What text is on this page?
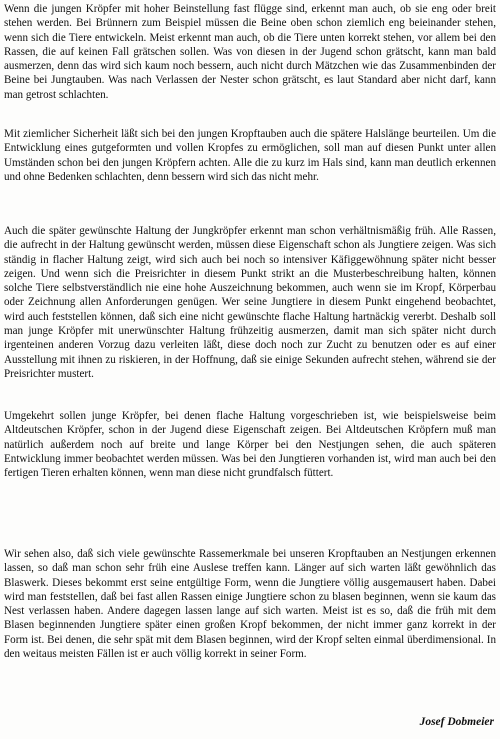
Wenn die jungen Kröpfer mit hoher Beinstellung fast flügge sind, erkennt man auch, ob sie eng oder breit stehen werden. Bei Brünnern zum Beispiel müssen die Beine oben schon ziemlich eng beieinander stehen, wenn sich die Tiere entwickeln. Meist erkennt man auch, ob die Tiere unten korrekt stehen, vor allem bei den Rassen, die auf keinen Fall grätschen sollen. Was von diesen in der Jugend schon grätscht, kann man bald ausmerzen, denn das wird sich kaum noch bessern, auch nicht durch Mätzchen wie das Zusammenbinden der Beine bei Jungtauben. Was nach Verlassen der Nester schon grätscht, es laut Standard aber nicht darf, kann man getrost schlachten.

Mit ziemlicher Sicherheit läßt sich bei den jungen Kropftauben auch die spätere Halslänge beurteilen. Um die Entwicklung eines gutgeformten und vollen Kropfes zu ermöglichen, soll man auf diesen Punkt unter allen Umständen schon bei den jungen Kröpfern achten. Alle die zu kurz im Hals sind, kann man deutlich erkennen und ohne Bedenken schlachten, denn bessern wird sich das nicht mehr.

Auch die später gewünschte Haltung der Jungkröpfer erkennt man schon verhältnismäßig früh. Alle Rassen, die aufrecht in der Haltung gewünscht werden, müssen diese Eigenschaft schon als Jungtiere zeigen. Was sich ständig in flacher Haltung zeigt, wird sich auch bei noch so intensiver Käfiggewöhnung später nicht besser zeigen. Und wenn sich die Preisrichter in diesem Punkt strikt an die Musterbeschreibung halten, können solche Tiere selbstverständlich nie eine hohe Auszeichnung bekommen, auch wenn sie im Kropf, Körperbau oder Zeichnung allen Anforderungen genügen. Wer seine Jungtiere in diesem Punkt eingehend beobachtet, wird auch feststellen können, daß sich eine nicht gewünschte flache Haltung hartnäckig vererbt. Deshalb soll man junge Kröpfer mit unerwünschter Haltung frühzeitig ausmerzen, damit man sich später nicht durch irgenteinen anderen Vorzug dazu verleiten läßt, diese doch noch zur Zucht zu benutzen oder es auf einer Ausstellung mit ihnen zu riskieren, in der Hoffnung, daß sie einige Sekunden aufrecht stehen, während sie der Preisrichter mustert.

Umgekehrt sollen junge Kröpfer, bei denen flache Haltung vorgeschrieben ist, wie beispielsweise beim Altdeutschen Kröpfer, schon in der Jugend diese Eigenschaft zeigen. Bei Altdeutschen Kröpfern muß man natürlich außerdem noch auf breite und lange Körper bei den Nestjungen sehen, die auch späteren Entwicklung immer beobachtet werden müssen. Was bei den Jungtieren vorhanden ist, wird man auch bei den fertigen Tieren erhalten können, wenn man diese nicht grundfalsch füttert.

Wir sehen also, daß sich viele gewünschte Rassemerkmale bei unseren Kropftauben an Nestjungen erkennen lassen, so daß man schon sehr früh eine Auslese treffen kann. Länger auf sich warten läßt gewöhnlich das Blaswerk. Dieses bekommt erst seine entgültige Form, wenn die Jungtiere völlig ausgemausert haben. Dabei wird man feststellen, daß bei fast allen Rassen einige Jungtiere schon zu blasen beginnen, wenn sie kaum das Nest verlassen haben. Andere dagegen lassen lange auf sich warten. Meist ist es so, daß die früh mit dem Blasen beginnenden Jungtiere später einen großen Kropf bekommen, der nicht immer ganz korrekt in der Form ist. Bei denen, die sehr spät mit dem Blasen beginnen, wird der Kropf selten einmal überdimensional. In den weitaus meisten Fällen ist er auch völlig korrekt in seiner Form.

Josef Dobmeier
